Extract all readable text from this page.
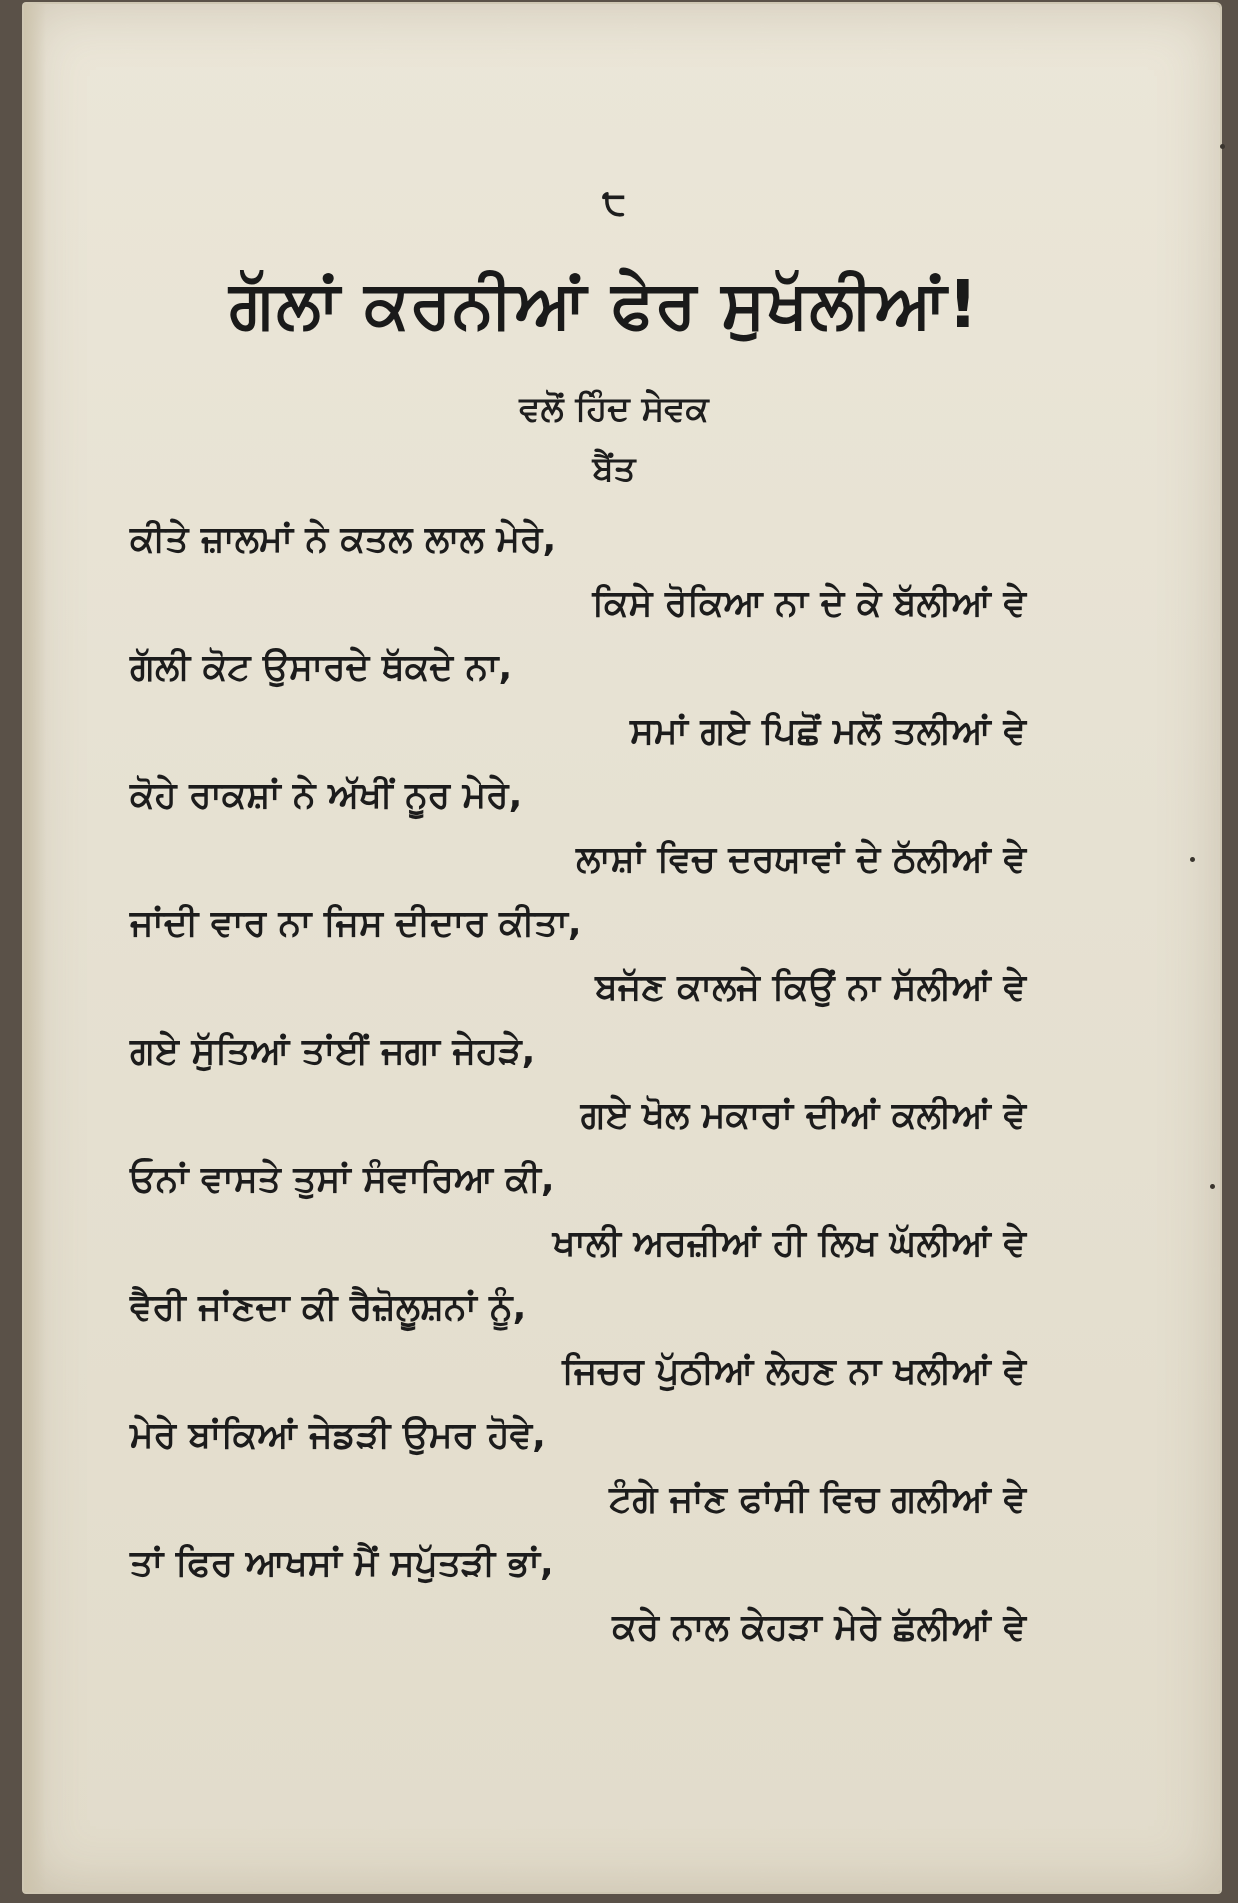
੮
ਗੱਲਾਂ ਕਰਨੀਆਂ ਫੇਰ ਸੁਖੱਲੀਆਂ!
ਵਲੋਂ ਹਿੰਦ ਸੇਵਕ
ਬੈਂਤ
ਕੀਤੇ ਜ਼ਾਲਮਾਂ ਨੇ ਕਤਲ ਲਾਲ ਮੇਰੇ,
ਕਿਸੇ ਰੋਕਿਆ ਨਾ ਦੇ ਕੇ ਬੱਲੀਆਂ ਵੇ
ਗੱਲੀ ਕੋਟ ਉਸਾਰਦੇ ਥੱਕਦੇ ਨਾ,
ਸਮਾਂ ਗਏ ਪਿਛੋਂ ਮਲੋਂ ਤਲੀਆਂ ਵੇ
ਕੋਹੇ ਰਾਕਸ਼ਾਂ ਨੇ ਅੱਖੀਂ ਨੂਰ ਮੇਰੇ,
ਲਾਸ਼ਾਂ ਵਿਚ ਦਰਯਾਵਾਂ ਦੇ ਠੱਲੀਆਂ ਵੇ
ਜਾਂਦੀ ਵਾਰ ਨਾ ਜਿਸ ਦੀਦਾਰ ਕੀਤਾ,
ਬਜੱਣ ਕਾਲਜੇ ਕਿਉਂ ਨਾ ਸੱਲੀਆਂ ਵੇ
ਗਏ ਸੁੱਤਿਆਂ ਤਾਂਈਂ ਜਗਾ ਜੇਹੜੇ,
ਗਏ ਖੋਲ ਮਕਾਰਾਂ ਦੀਆਂ ਕਲੀਆਂ ਵੇ
ਓਨਾਂ ਵਾਸਤੇ ਤੁਸਾਂ ਸੰਵਾਰਿਆ ਕੀ,
ਖਾਲੀ ਅਰਜ਼ੀਆਂ ਹੀ ਲਿਖ ਘੱਲੀਆਂ ਵੇ
ਵੈਰੀ ਜਾਂਣਦਾ ਕੀ ਰੈਜ਼ੋਲੂਸ਼ਨਾਂ ਨੂੰ,
ਜਿਚਰ ਪੁੱਠੀਆਂ ਲੇਹਣ ਨਾ ਖਲੀਆਂ ਵੇ
ਮੇਰੇ ਬਾਂਕਿਆਂ ਜੇਡੜੀ ਉਮਰ ਹੋਵੇ,
ਟੰਗੇ ਜਾਂਣ ਫਾਂਸੀ ਵਿਚ ਗਲੀਆਂ ਵੇ
ਤਾਂ ਫਿਰ ਆਖਸਾਂ ਮੈਂ ਸਪੁੱਤੜੀ ਭਾਂ,
ਕਰੇ ਨਾਲ ਕੇਹੜਾ ਮੇਰੇ ਛੱਲੀਆਂ ਵੇ
